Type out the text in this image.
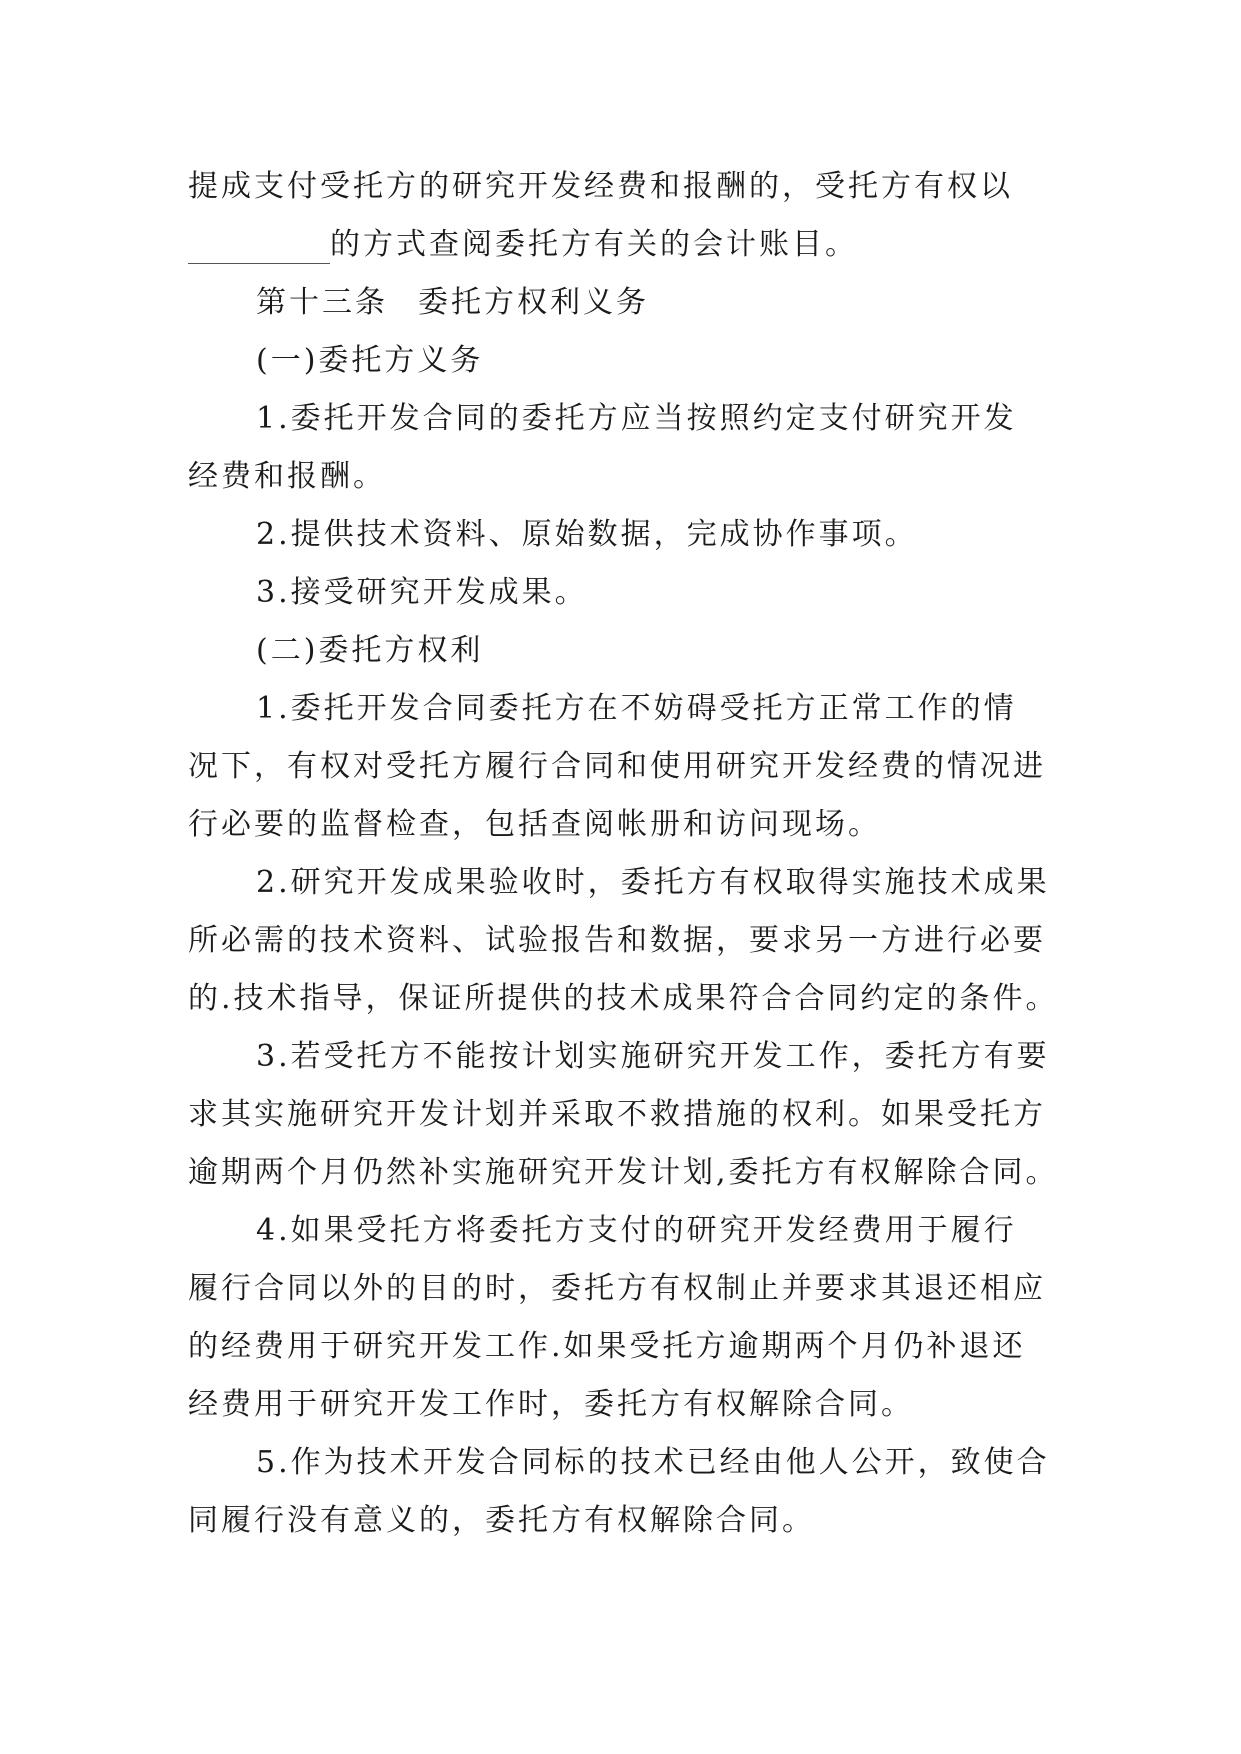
提成支付受托方的研究开发经费和报酬的，受托方有权以
的方式查阅委托方有关的会计账目。
第十三条 委托方权利义务
(一)委托方义务
1.委托开发合同的委托方应当按照约定支付研究开发
经费和报酬。
2.提供技术资料、原始数据，完成协作事项。
3.接受研究开发成果。
(二)委托方权利
1.委托开发合同委托方在不妨碍受托方正常工作的情
况下，有权对受托方履行合同和使用研究开发经费的情况进
行必要的监督检查，包括查阅帐册和访问现场。
2.研究开发成果验收时，委托方有权取得实施技术成果
所必需的技术资料、试验报告和数据，要求另一方进行必要
的.技术指导，保证所提供的技术成果符合合同约定的条件。
3.若受托方不能按计划实施研究开发工作，委托方有要
求其实施研究开发计划并采取不救措施的权利。如果受托方
逾期两个月仍然补实施研究开发计划,委托方有权解除合同。
4.如果受托方将委托方支付的研究开发经费用于履行
履行合同以外的目的时，委托方有权制止并要求其退还相应
的经费用于研究开发工作.如果受托方逾期两个月仍补退还
经费用于研究开发工作时，委托方有权解除合同。
5.作为技术开发合同标的技术已经由他人公开，致使合
同履行没有意义的，委托方有权解除合同。
